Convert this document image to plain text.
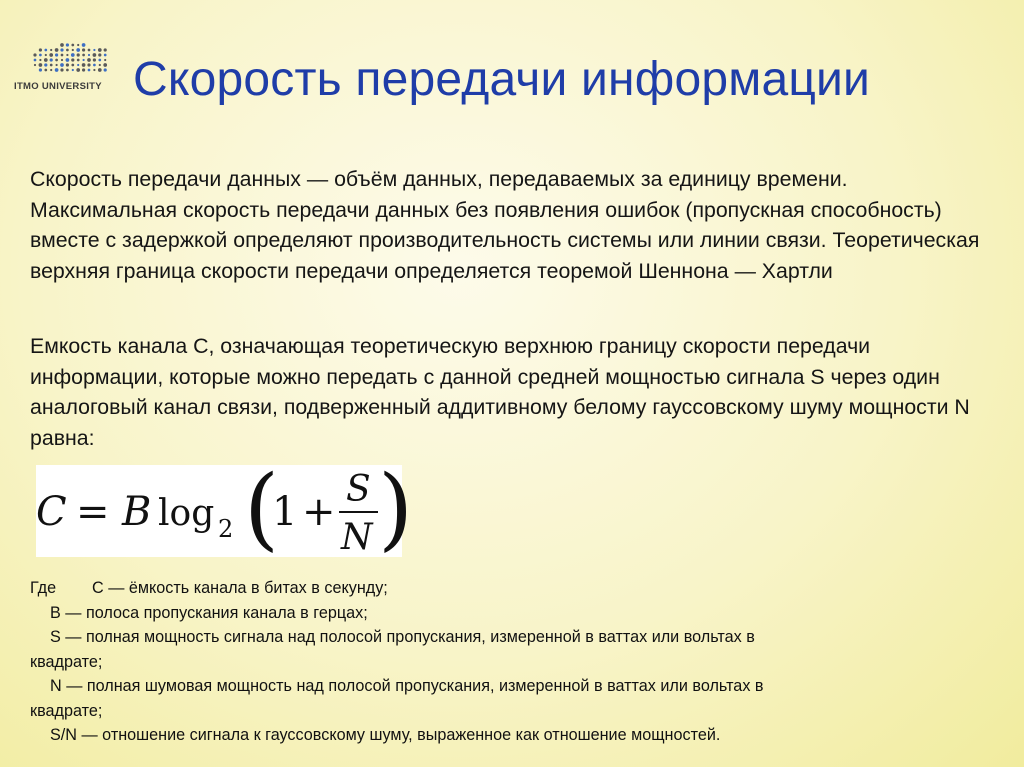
ITMO UNIVERSITY Скорость передачи информации

Скорость передачи данных — объём данных, передаваемых за единицу времени. Максимальная скорость передачи данных без появления ошибок (пропускная способность) вместе с задержкой определяют производительность системы или линии связи. Теоретическая верхняя граница скорости передачи определяется теоремой Шеннона — Хартли

Емкость канала С, означающая теоретическую верхнюю границу скорости передачи информации, которые можно передать с данной средней мощностью сигнала S через один аналоговый канал связи, подверженный аддитивному белому гауссовскому шуму мощности N равна:

C = B log 2 (
1 + S
N )
Где С — ёмкость канала в битах в секунду;
B — полоса пропускания канала в герцах;
S — полная мощность сигнала над полосой пропускания, измеренной в ваттах или вольтах в
квадрате;
N — полная шумовая мощность над полосой пропускания, измеренной в ваттах или вольтах в
квадрате;
S/N — отношение сигнала к гауссовскому шуму, выраженное как отношение мощностей.
